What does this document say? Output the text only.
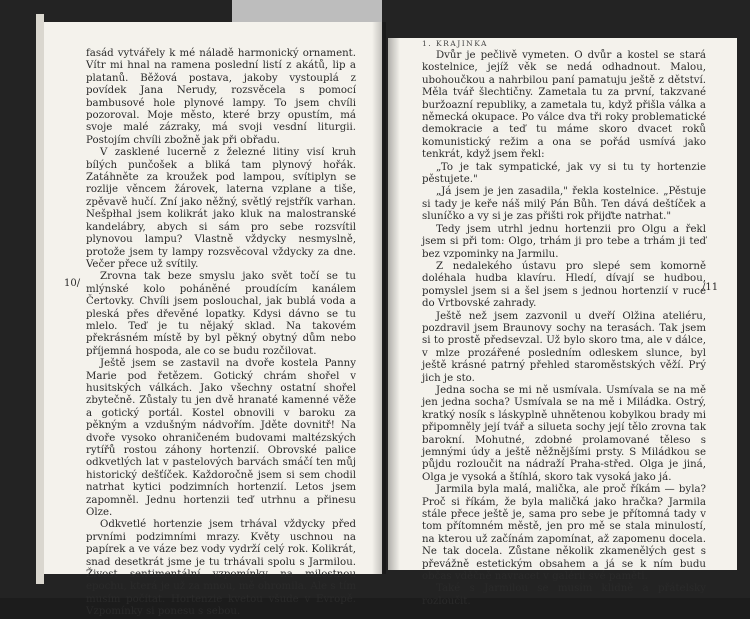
fasád vytvářely k mé náladě harmonický ornament. Vítr mi hnal na ramena poslední listí z akátů, lip a platanů. Běžová postava, jakoby vystouplá z povídek Jana Nerudy, rozsvěcela s pomocí bambusové hole plynové lampy. To jsem chvíli pozoroval. Moje město, které brzy opustím, má svoje malé zázraky, má svoji vesdní liturgii. Postojím chvíli zbožně jak při obřadu.

V zasklené lucerně z železné litiny visí kruh bílých punčošek a bliká tam plynový hořák. Zatáhněte za kroužek pod lampou, svítiplyn se rozlije věncem žárovek, laterna vzplane a tiše, zpěvavě hučí. Zní jako něžný, světlý rejstřík varhan. Nešpłhal jsem kolikrát jako kluk na malostranské kandelábry, abych si sám pro sebe rozsvítil plynovou lampu? Vlastně vždycky nesmyslně, protože jsem ty lampy rozsvěcoval vždycky za dne. Večer přece už svítily.

Zrovna tak beze smyslu jako svět točí se tu mlýnské kolo poháněné proudícím kanálem Čertovky. Chvíli jsem poslouchal, jak bublá voda a pleská přes dřevěné lopatky. Kdysi dávno se tu mlelo. Teď je tu nějaký sklad. Na takovém překrásném místě by byl pěkný obytný dům nebo příjemná hospoda, ale co se budu rozčilovat.

Ještě jsem se zastavil na dvoře kostela Panny Marie pod řetězem. Gotický chrám shořel v husitských válkách. Jako všechny ostatní shořel zbytečně. Zůstaly tu jen dvě hranaté kamenné věže a gotický portál. Kostel obnovili v baroku za pěkným a vzdušným nádvořím. Jděte dovnitř! Na dvoře vysoko ohraničeném budovami maltézských rytířů rostou záhony hortenzií. Obrovské palice odkvetlých lat v pastelových barvách smáčí ten můj historický dešťíček. Každoročně jsem si sem chodil natrhat kytici podzimních hortenzií. Letos jsem zapomněl. Jednu hortenzii teď utrhnu a přinesu Olze.

Odkvetlé hortenzie jsem trhával vždycky před prvními podzimními mrazy. Květy uschnou na papírek a ve váze bez vody vydrží celý rok. Kolikrát, snad desetkrát jsme je tu trhávali spolu s Jarmilou. Živost sentimentální vzpomínky na milostnou epochu, která je už za mnou, mě ohromila. Ale s tím musím počítat. Hortenzie kvetou všude v Evropě. Vzpomínky si ponesu s sebou.

10/
1. KRAJINKA

Dvůr je pečlivě vymeten. O dvůr a kostel se stará kostelnice, jejíž věk se nedá odhadnout. Malou, ubohoučkou a nahrbilou paní pamatuju ještě z dětství. Měla tvář šlechtičny. Zametala tu za první, takzvané buržoazní republiky, a zametala tu, když přišla válka a německá okupace. Po válce dva tři roky problematické demokracie a teď tu máme skoro dvacet roků komunistický režim a ona se pořád usmívá jako tenkrát, když jsem řekl:

„To je tak sympatické, jak vy si tu ty hortenzie pěstujete."

„Já jsem je jen zasadila," řekla kostelnice. „Pěstuje si tady je keře náš milý Pán Bůh. Ten dává deštíček a sluníčko a vy si je zas přišti rok přijďte natrhat."

Tedy jsem utrhl jednu hortenzii pro Olgu a řekl jsem si při tom: Olgo, trhám ji pro tebe a trhám ji teď bez vzpominky na Jarmilu.

Z nedalekého ústavu pro slepé sem komorně doléhala hudba klavíru. Hledí, dívají se hudbou, pomyslel jsem si a šel jsem s jednou hortenzií v ruce do Vrtbovské zahrady.

Ještě než jsem zazvonil u dveří Olžina ateliéru, pozdravil jsem Braunovy sochy na terasách. Tak jsem si to prostě předsevzal. Už bylo skoro tma, ale v dálce, v mlze prozářené posledním odleskem slunce, byl ještě krásné patrný přehled staroměstských věží. Prý jich je sto.

Jedna socha se mi ně usmívala. Usmívala se na mě jen jedna socha? Usmívala se na mě i Miládka. Ostrý, kratký nosík s láskyplně uhnětenou kobylkou brady mi připomněly její tvář a silueta sochy její tělo zrovna tak barokní. Mohutné, zdobné prolamované těleso s jemnými údy a ještě něžnějšími prsty. S Miládkou se půjdu rozloučit na nádraží Praha-střed. Olga je jiná, Olga je vysoká a štíhlá, skoro tak vysoká jako já.

Jarmila byla malá, malička, ale proč říkám — byla? Proč si říkám, že byla maličká jako hračka? Jarmila stále přece ještě je, sama pro sebe je přítomná tady v tom přítomném městě, jen pro mě se stala minulostí, na kterou už začínám zapomínat, až zapomenu docela. Ne tak docela. Zůstane několik zkamenělých gest s převážně estetickým obsahem a já se k ním budu občas vděčně navracet v galérii své paměti.

Také s Jarmilou se musím klidně a přátelsky rozloučit.

/11
